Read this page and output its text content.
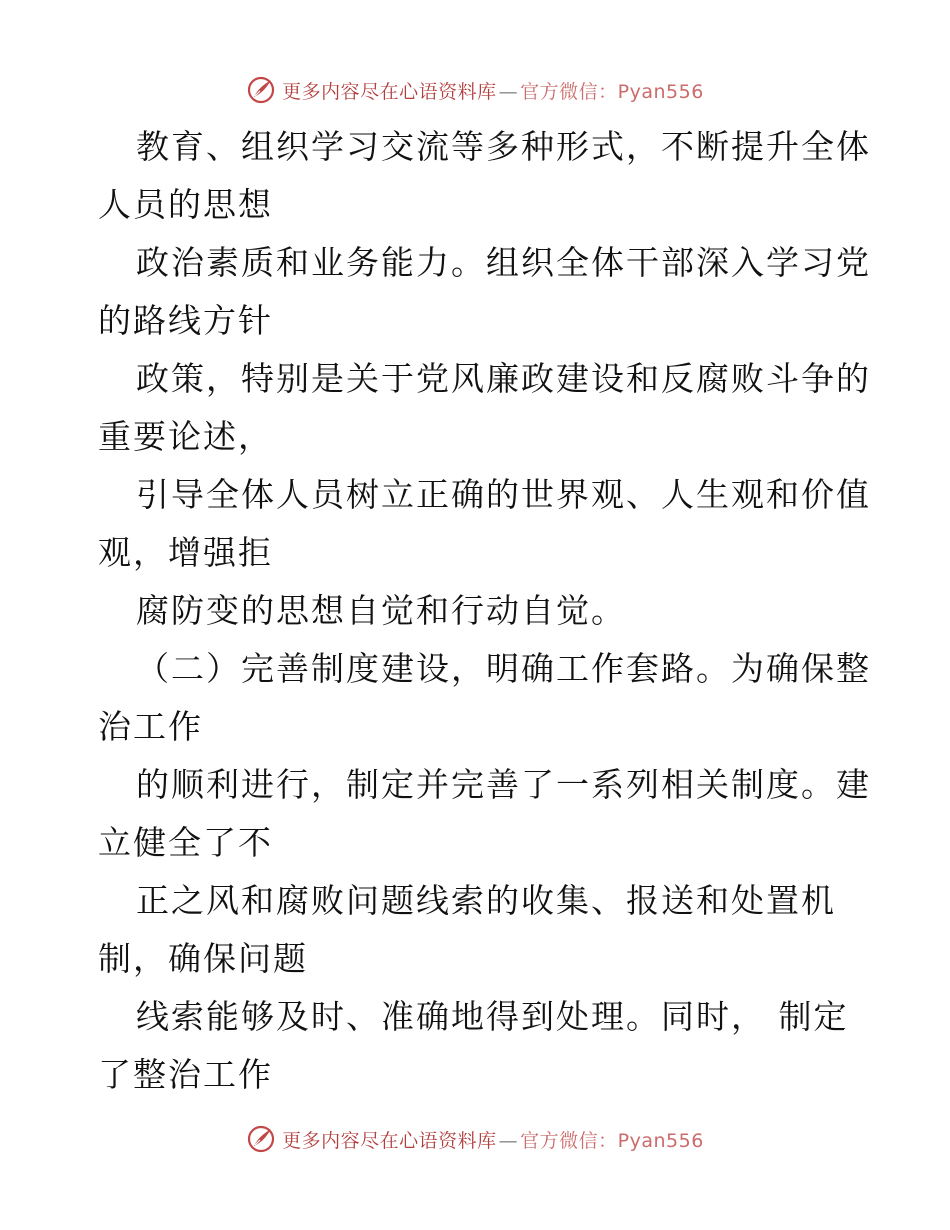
更多内容尽在心语资料库 — 官方微信：Pyan556
教育、组织学习交流等多种形式，不断提升全体
人员的思想
政治素质和业务能力。组织全体干部深入学习党
的路线方针
政策，特别是关于党风廉政建设和反腐败斗争的
重要论述，
引导全体人员树立正确的世界观、人生观和价值
观，增强拒
腐防变的思想自觉和行动自觉。
（二）完善制度建设，明确工作套路。为确保整
治工作
的顺利进行，制定并完善了一系列相关制度。建
立健全了不
正之风和腐败问题线索的收集、报送和处置机
制，确保问题
线索能够及时、准确地得到处理。同时， 制定
了整治工作
更多内容尽在心语资料库 — 官方微信：Pyan556
